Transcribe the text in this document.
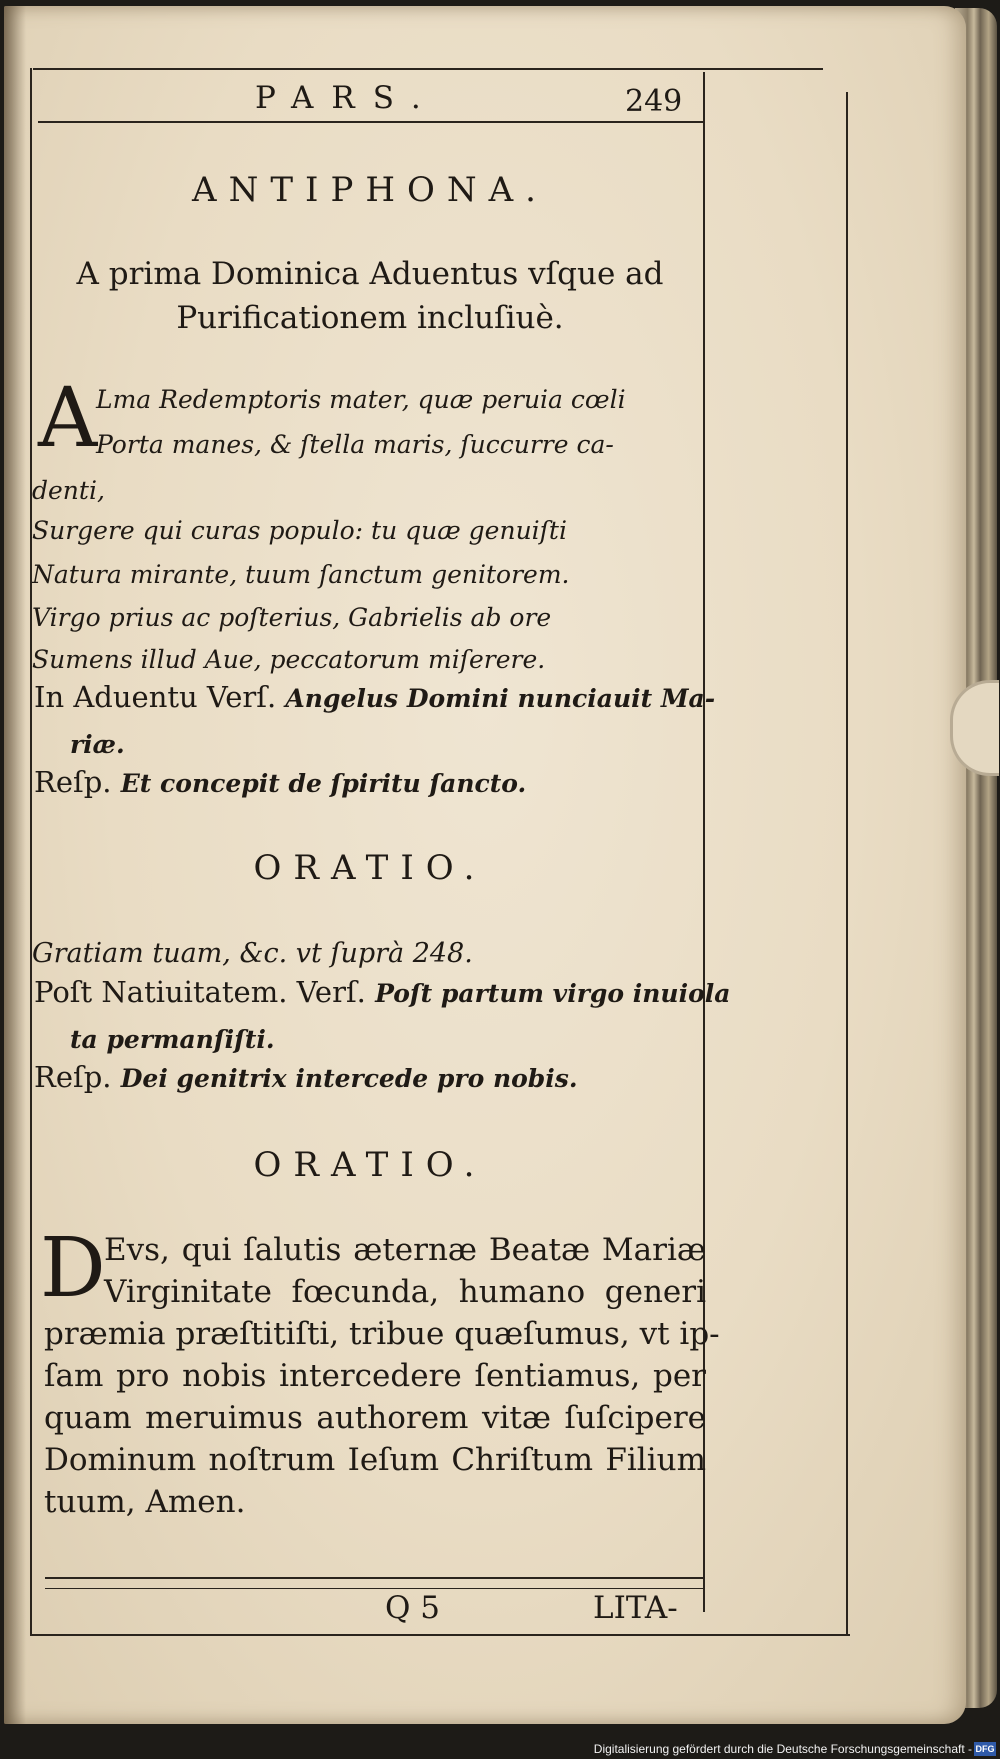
PARS.	249
ANTIPHONA.
A prima Dominica Aduentus vſque ad
Purificationem incluſiuè.
A
Lma Redemptoris mater, quæ peruia cœli
Porta manes, & ſtella maris, ſuccurre ca-
denti,
Surgere qui curas populo: tu quæ genuiſti
Natura mirante, tuum ſanctum genitorem.
Virgo prius ac poſterius, Gabrielis ab ore
Sumens illud Aue, peccatorum miſerere.
In Aduentu Verſ. Angelus Domini nunciauit Ma-
riæ.
Reſp. Et concepit de ſpiritu ſancto.
ORATIO.
Gratiam tuam, &c. vt ſuprà 248.
Poſt Natiuitatem. Verſ. Poſt partum virgo inuiola
ta permanſiſti.
Reſp. Dei genitrix intercede pro nobis.
ORATIO.
D
Evs, qui ſalutis æternæ Beatæ Mariæ
Virginitate fœcunda, humano generi
præmia præſtitiſti, tribue quæſumus, vt ip-
ſam pro nobis intercedere ſentiamus, per
quam meruimus authorem vitæ ſuſcipere
Dominum noſtrum Ieſum Chriſtum Filium
tuum, Amen.
Q 5	LITA-
Digitalisierung gefördert durch die Deutsche Forschungsgemeinschaft - DFG
